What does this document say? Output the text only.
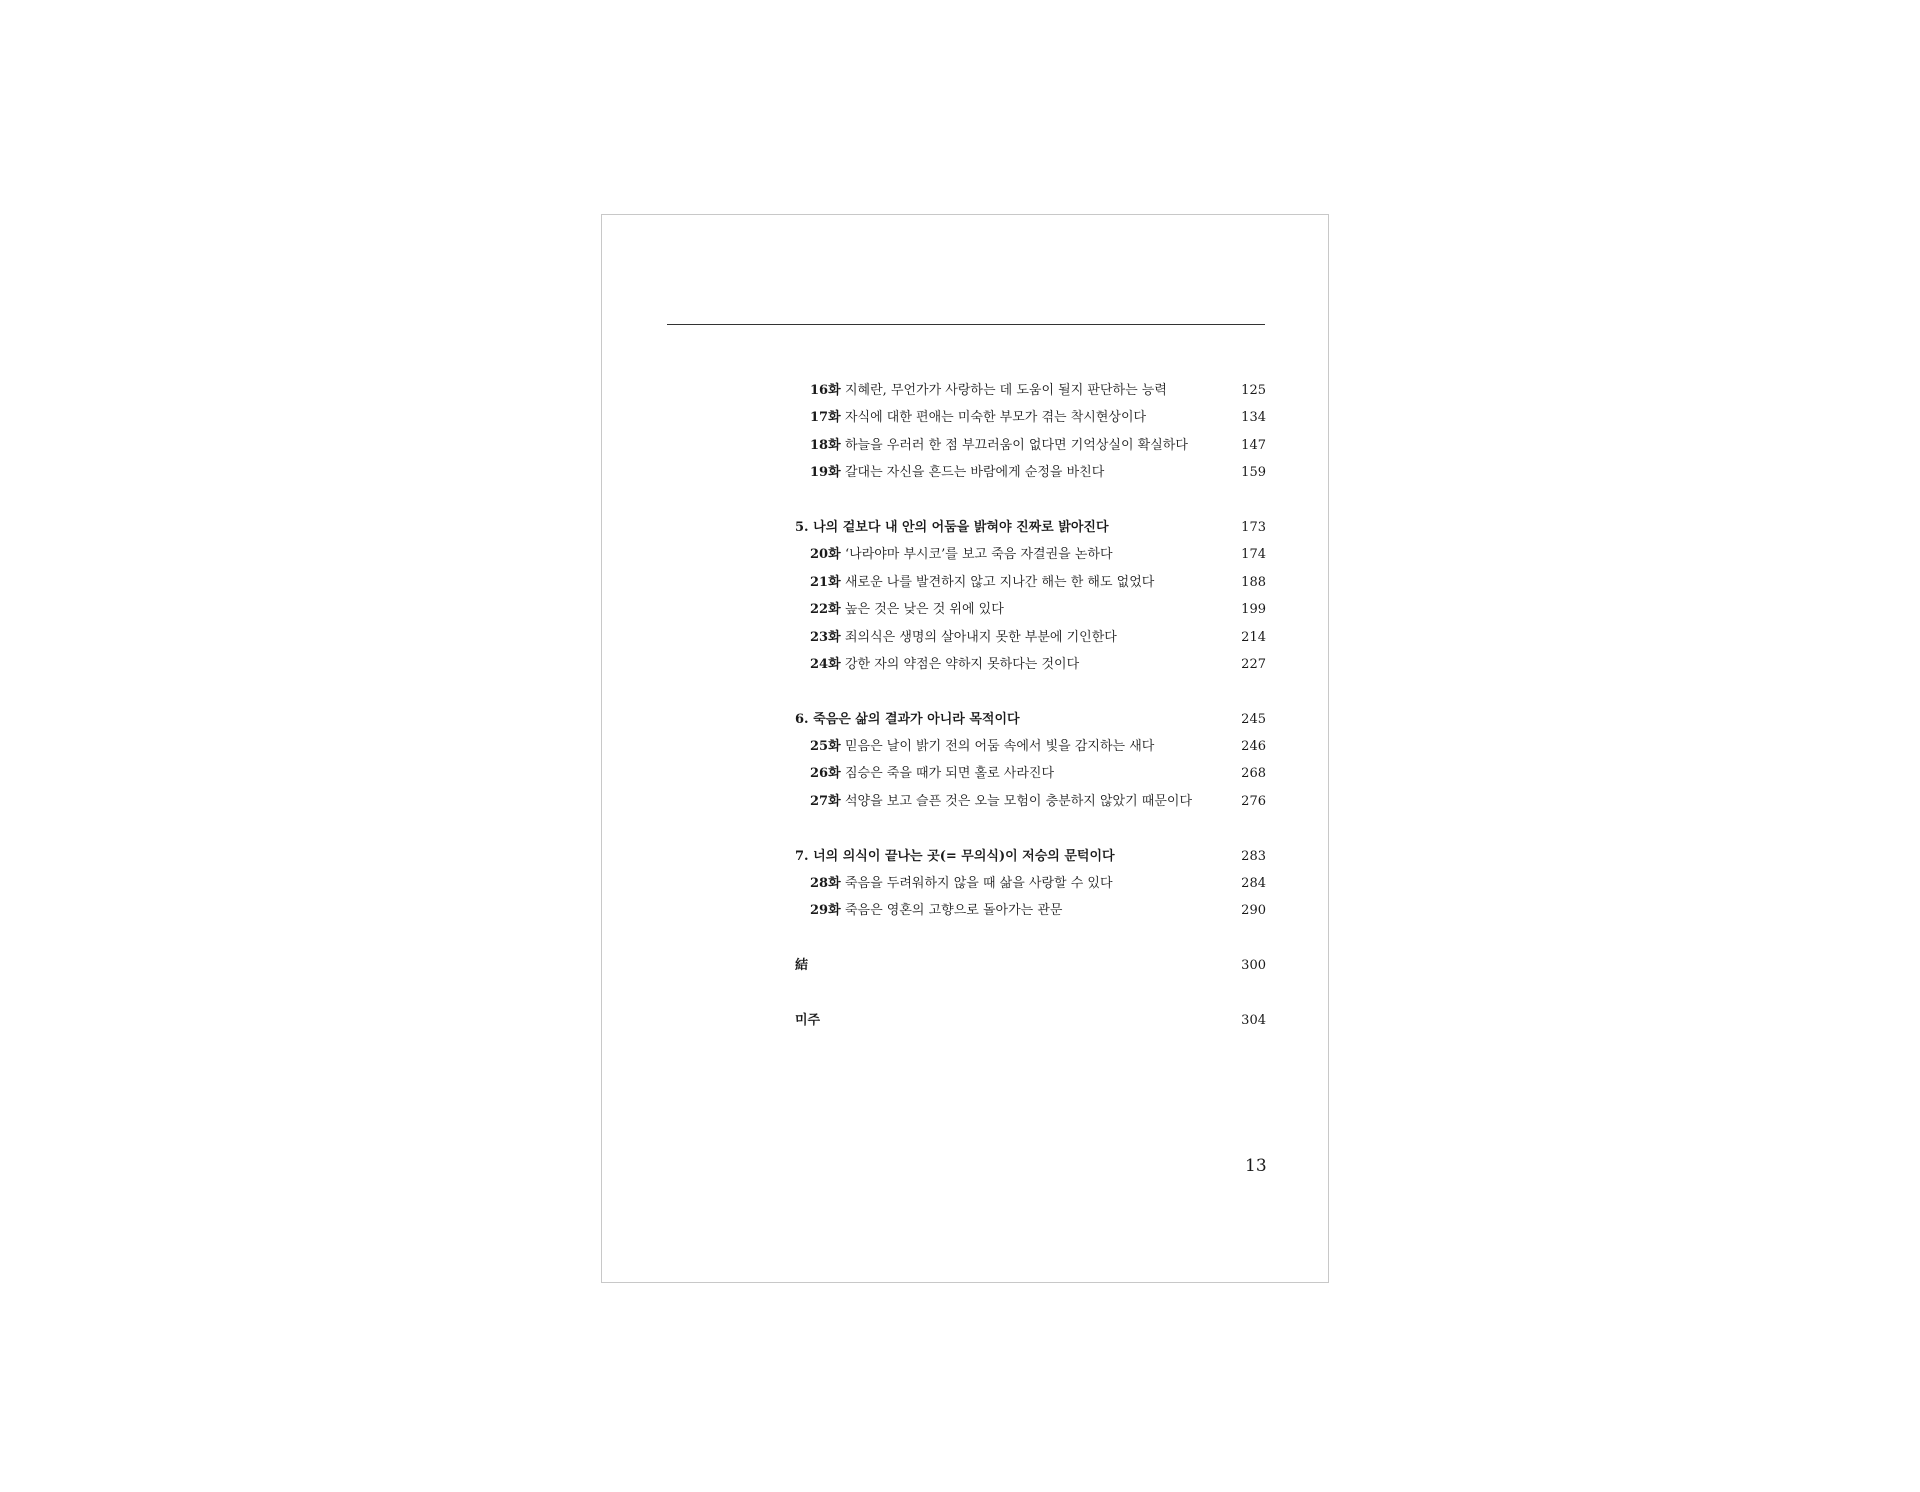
16화 지혜란, 무언가가 사랑하는 데 도움이 될지 판단하는 능력	125
17화 자식에 대한 편애는 미숙한 부모가 겪는 착시현상이다	134
18화 하늘을 우러러 한 점 부끄러움이 없다면 기억상실이 확실하다	147
19화 갈대는 자신을 흔드는 바람에게 순정을 바친다	159
5. 나의 겉보다 내 안의 어둠을 밝혀야 진짜로 밝아진다	173
20화 ‘나라야마 부시코’를 보고 죽음 자결권을 논하다	174
21화 새로운 나를 발견하지 않고 지나간 해는 한 해도 없었다	188
22화 높은 것은 낮은 것 위에 있다	199
23화 죄의식은 생명의 살아내지 못한 부분에 기인한다	214
24화 강한 자의 약점은 약하지 못하다는 것이다	227
6. 죽음은 삶의 결과가 아니라 목적이다	245
25화 믿음은 날이 밝기 전의 어둠 속에서 빛을 감지하는 새다	246
26화 짐승은 죽을 때가 되면 홀로 사라진다	268
27화 석양을 보고 슬픈 것은 오늘 모험이 충분하지 않았기 때문이다	276
7. 너의 의식이 끝나는 곳(= 무의식)이 저승의 문턱이다	283
28화 죽음을 두려워하지 않을 때 삶을 사랑할 수 있다	284
29화 죽음은 영혼의 고향으로 돌아가는 관문	290
結	300
미주	304
13
